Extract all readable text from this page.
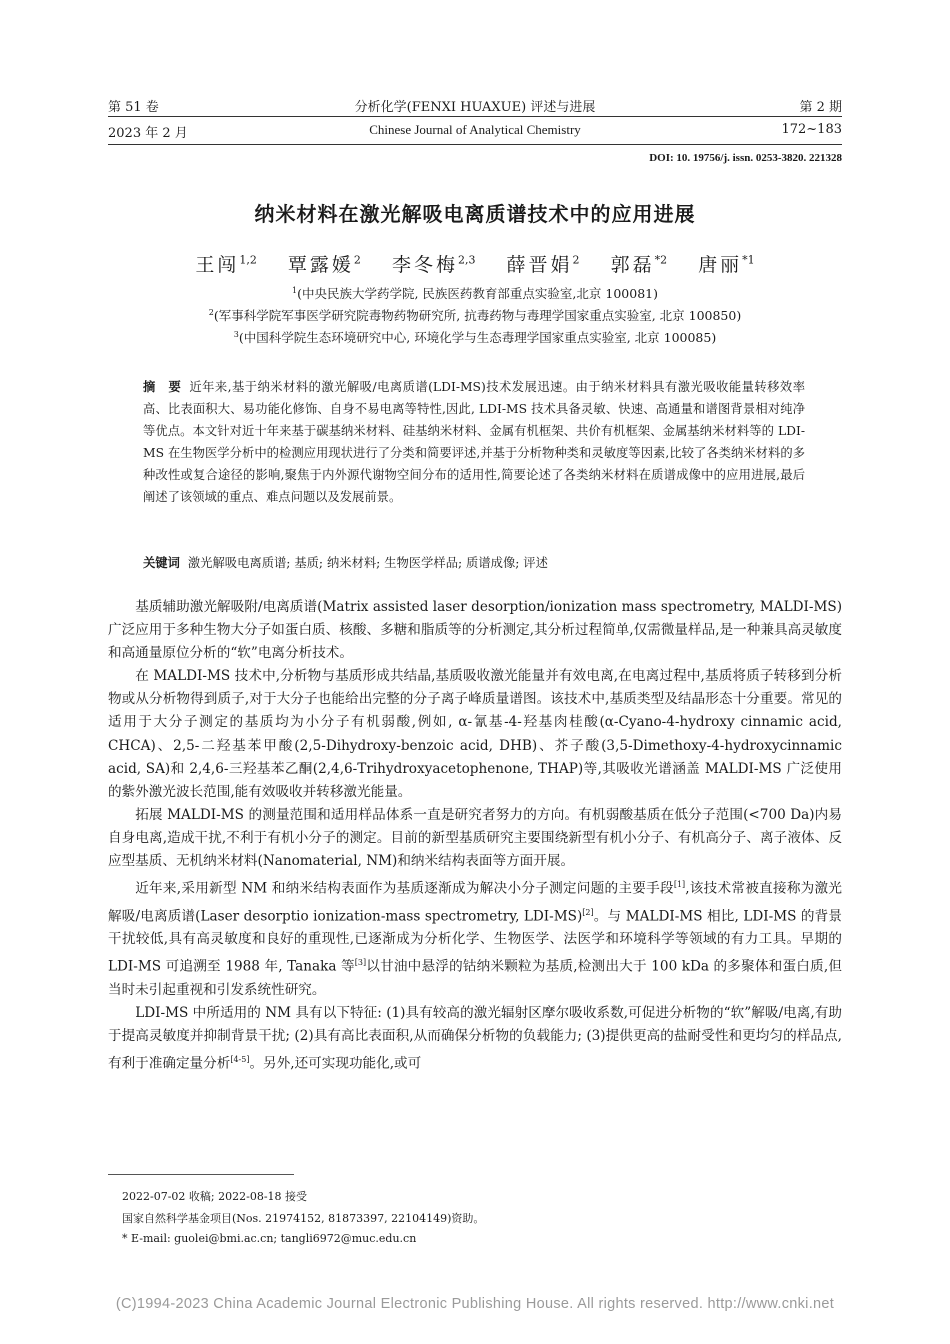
第 51 卷	分析化学(FENXI HUAXUE) 评述与进展	第 2 期
2023 年 2 月	Chinese Journal of Analytical Chemistry	172~183
DOI: 10. 19756/j. issn. 0253-3820. 221328
纳米材料在激光解吸电离质谱技术中的应用进展
王闯$^{1,2}$ 覃露媛$^2$ 李冬梅$^{2,3}$ 薛晋娟$^2$ 郭磊$^{*2}$ 唐丽$^{*1}$
$^1$(中央民族大学药学院, 民族医药教育部重点实验室,北京 100081)
$^2$(军事科学院军事医学研究院毒物药物研究所, 抗毒药物与毒理学国家重点实验室, 北京 100850)
$^3$(中国科学院生态环境研究中心, 环境化学与生态毒理学国家重点实验室, 北京 100085)
摘　要 近年来,基于纳米材料的激光解吸/电离质谱(LDI-MS)技术发展迅速。由于纳米材料具有激光吸收能量转移效率高、比表面积大、易功能化修饰、自身不易电离等特性,因此, LDI-MS 技术具备灵敏、快速、高通量和谱图背景相对纯净等优点。本文针对近十年来基于碳基纳米材料、硅基纳米材料、金属有机框架、共价有机框架、金属基纳米材料等的 LDI-MS 在生物医学分析中的检测应用现状进行了分类和简要评述,并基于分析物种类和灵敏度等因素,比较了各类纳米材料的多种改性或复合途径的影响,聚焦于内外源代谢物空间分布的适用性,简要论述了各类纳米材料在质谱成像中的应用进展,最后阐述了该领域的重点、难点问题以及发展前景。
关键词 激光解吸电离质谱; 基质; 纳米材料; 生物医学样品; 质谱成像; 评述

基质辅助激光解吸附/电离质谱(Matrix assisted laser desorption/ionization mass spectrometry, MALDI-MS)广泛应用于多种生物大分子如蛋白质、核酸、多糖和脂质等的分析测定,其分析过程简单,仅需微量样品,是一种兼具高灵敏度和高通量原位分析的“软”电离分析技术。

在 MALDI-MS 技术中,分析物与基质形成共结晶,基质吸收激光能量并有效电离,在电离过程中,基质将质子转移到分析物或从分析物得到质子,对于大分子也能给出完整的分子离子峰质量谱图。该技术中,基质类型及结晶形态十分重要。常见的适用于大分子测定的基质均为小分子有机弱酸,例如, α-氰基-4-羟基肉桂酸(α-Cyano-4-hydroxy cinnamic acid, CHCA)、2,5-二羟基苯甲酸(2,5-Dihydroxy-benzoic acid, DHB)、芥子酸(3,5-Dimethoxy-4-hydroxycinnamic acid, SA)和 2,4,6-三羟基苯乙酮(2,4,6-Trihydroxyacetophenone, THAP)等,其吸收光谱涵盖 MALDI-MS 广泛使用的紫外激光波长范围,能有效吸收并转移激光能量。

拓展 MALDI-MS 的测量范围和适用样品体系一直是研究者努力的方向。有机弱酸基质在低分子范围(<700 Da)内易自身电离,造成干扰,不利于有机小分子的测定。目前的新型基质研究主要围绕新型有机小分子、有机高分子、离子液体、反应型基质、无机纳米材料(Nanomaterial, NM)和纳米结构表面等方面开展。

近年来,采用新型 NM 和纳米结构表面作为基质逐渐成为解决小分子测定问题的主要手段[1],该技术常被直接称为激光解吸/电离质谱(Laser desorptio ionization-mass spectrometry, LDI-MS)[2]。与 MALDI-MS 相比, LDI-MS 的背景干扰较低,具有高灵敏度和良好的重现性,已逐渐成为分析化学、生物医学、法医学和环境科学等领域的有力工具。早期的 LDI-MS 可追溯至 1988 年, Tanaka 等[3]以甘油中悬浮的钴纳米颗粒为基质,检测出大于 100 kDa 的多聚体和蛋白质,但当时未引起重视和引发系统性研究。

LDI-MS 中所适用的 NM 具有以下特征: (1)具有较高的激光辐射区摩尔吸收系数,可促进分析物的“软”解吸/电离,有助于提高灵敏度并抑制背景干扰; (2)具有高比表面积,从而确保分析物的负载能力; (3)提供更高的盐耐受性和更均匀的样品点,有利于准确定量分析[4-5]。另外,还可实现功能化,或可

2022-07-02 收稿; 2022-08-18 接受
国家自然科学基金项目(Nos. 21974152, 81873397, 22104149)资助。
* E-mail: guolei@bmi.ac.cn; tangli6972@muc.edu.cn
(C)1994-2023 China Academic Journal Electronic Publishing House. All rights reserved. http://www.cnki.net
